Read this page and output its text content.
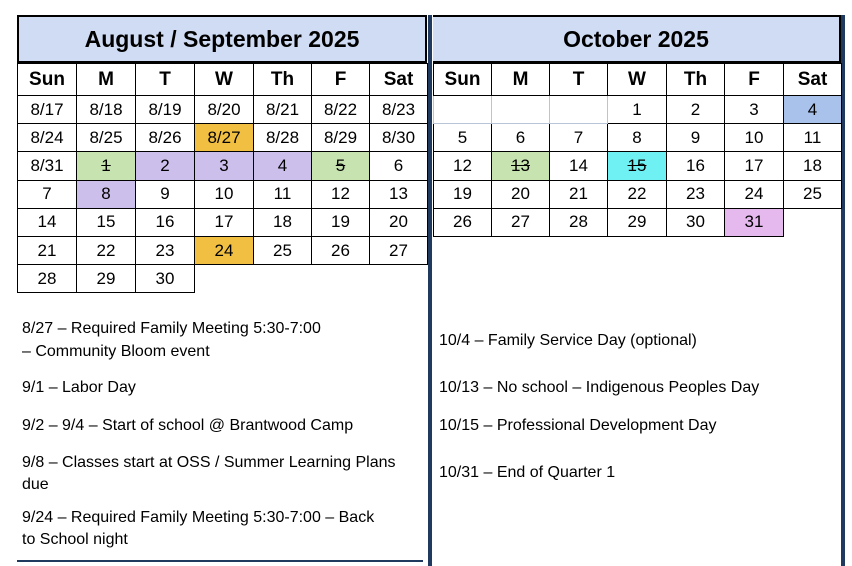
August / September 2025
Sun	M	T	W	Th	F	Sat
8/17	8/18	8/19	8/20	8/21	8/22	8/23
8/24	8/25	8/26	8/27	8/28	8/29	8/30
8/31	1	2	3	4	5	6
7	8	9	10	11	12	13
14	15	16	17	18	19	20
21	22	23	24	25	26	27
28	29	30				
October 2025
Sun	M	T	W	Th	F	Sat
			1	2	3	4
5	6	7	8	9	10	11
12	13	14	15	16	17	18
19	20	21	22	23	24	25
26	27	28	29	30	31	
8/27 – Required Family Meeting 5:30-7:00
– Community Bloom event
9/1 – Labor Day
9/2 – 9/4 – Start of school @ Brantwood Camp
9/8 – Classes start at OSS / Summer Learning Plans
due
9/24 – Required Family Meeting 5:30-7:00 – Back
to School night
10/4 – Family Service Day (optional)
10/13 – No school – Indigenous Peoples Day
10/15 – Professional Development Day
10/31 – End of Quarter 1
